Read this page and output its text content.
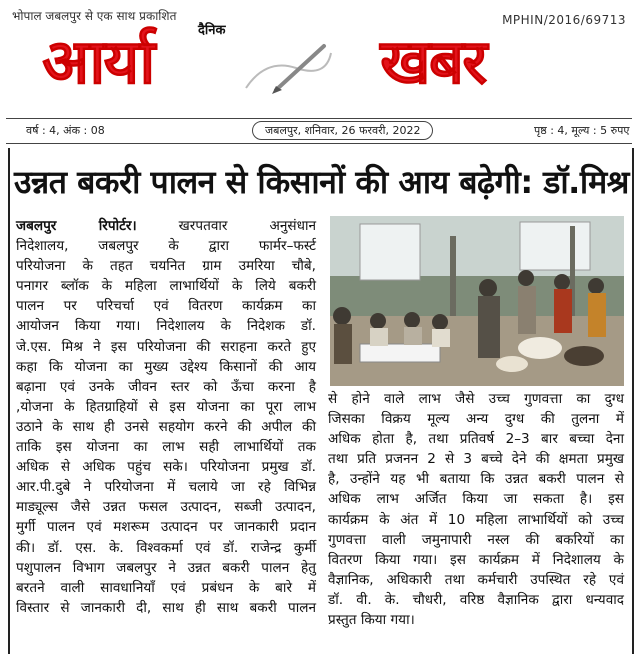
भोपाल जबलपुर से एक साथ प्रकाशित	MPHIN/2016/69713
दैनिक
आर्या	खबर
वर्ष : 4, अंक : 08	जबलपुर, शनिवार, 26 फरवरी, 2022	पृष्ठ : 4, मूल्य : 5 रुपए
उन्नत बकरी पालन से किसानों की आय बढ़ेगी: डॉ.मिश्र
जबलपुर रिपोर्टर।	खरपतवार अनुसंधान
निदेशालय, जबलपुर के द्वारा फार्मर–फर्स्ट
परियोजना के तहत चयनित ग्राम उमरिया चौबे,
पनागर ब्लॉक के महिला लाभार्थियों के लिये बकरी
पालन पर परिचर्चा एवं वितरण कार्यक्रम का
आयोजन किया गया। निदेशालय के निदेशक डॉ.
जे.एस. मिश्र ने इस परियोजना की सराहना करते हुए
कहा कि योजना का मुख्य उद्देश्य किसानों की आय
बढ़ाना एवं उनके जीवन स्तर को ऊँचा करना है
,योजना के हितग्राहियों से इस योजना का पूरा लाभ
उठाने के साथ ही उनसे सहयोग करने की अपील की
ताकि इस योजना का लाभ सही लाभार्थियों तक
अधिक से अधिक पहुंच सके। परियोजना प्रमुख डॉ.
आर.पी.दुबे ने परियोजना में चलाये जा रहे विभिन्न
माड्यूल्स जैसे उन्नत फसल उत्पादन, सब्जी उत्पादन,
मुर्गी पालन एवं मशरूम उत्पादन पर जानकारी प्रदान
की। डॉ. एस. के. विश्वकर्मा एवं डॉ. राजेन्द्र कुर्मी
पशुपालन विभाग जबलपुर ने उन्नत बकरी पालन हेतु
बरतने वाली सावधानियाँ एवं प्रबंधन के बारे में
विस्तार से जानकारी दी, साथ ही साथ बकरी पालन
से होने वाले लाभ जैसे उच्च गुणवत्ता का दुग्ध
जिसका विक्रय मूल्य अन्य दुग्ध की तुलना में
अधिक होता है, तथा प्रतिवर्ष 2–3 बार बच्चा देना
तथा प्रति प्रजनन 2 से 3 बच्चे देने की क्षमता प्रमुख
है, उन्होंने यह भी बताया कि उन्नत बकरी पालन से
अधिक लाभ अर्जित किया जा सकता है। इस
कार्यक्रम के अंत में 10 महिला लाभार्थियों को उच्च
गुणवत्ता वाली जमुनापारी नस्ल की बकरियों का
वितरण किया गया। इस कार्यक्रम में निदेशालय के
वैज्ञानिक, अधिकारी तथा कर्मचारी उपस्थित रहे एवं
डॉ. वी. के. चौधरी, वरिष्ठ वैज्ञानिक द्वारा धन्यवाद
प्रस्तुत किया गया।
